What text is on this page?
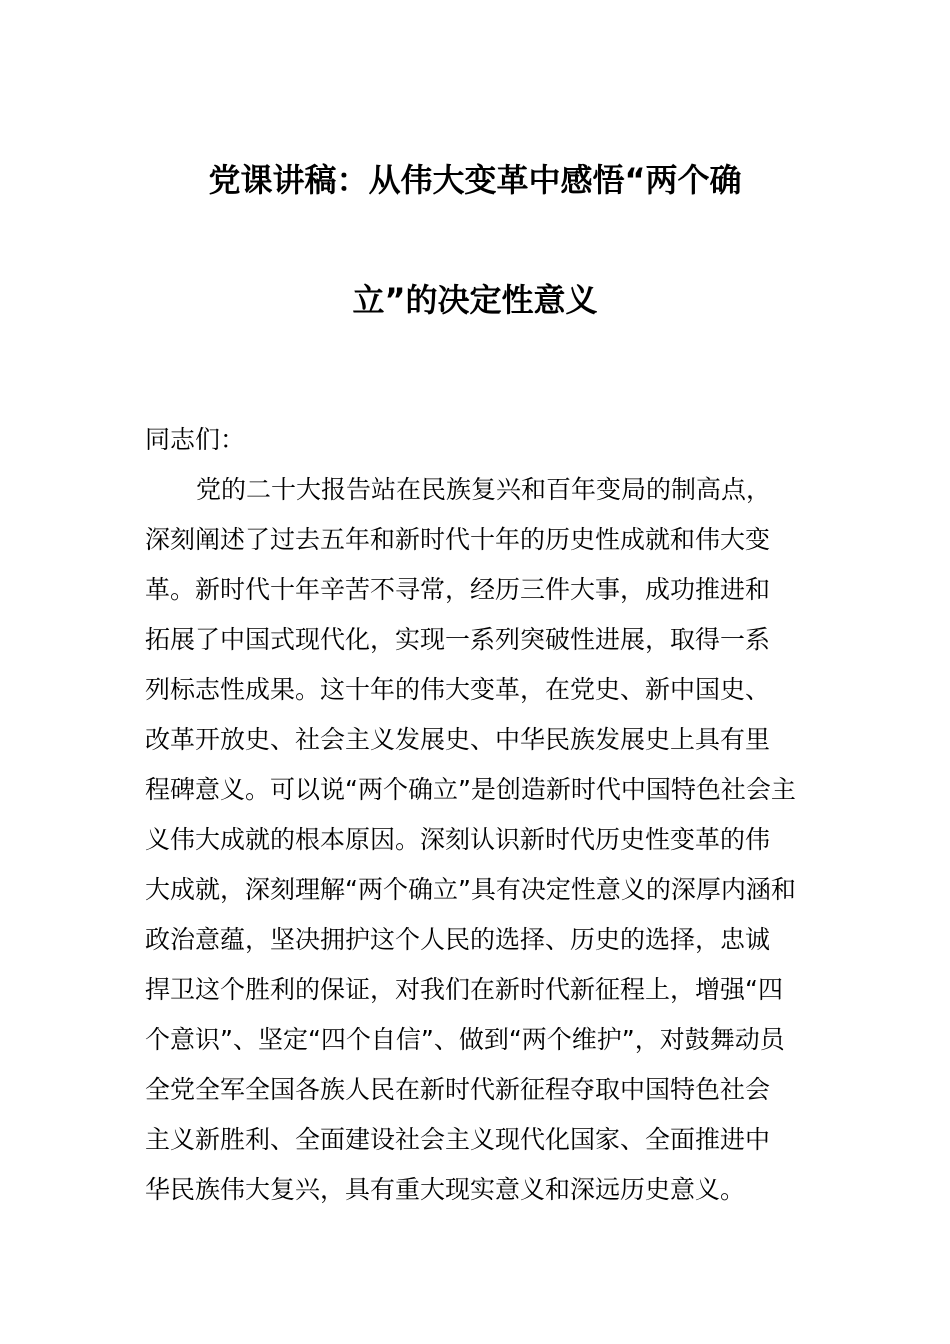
党课讲稿：从伟大变革中感悟“两个确
立”的决定性意义
同志们：
党的二十大报告站在民族复兴和百年变局的制高点，
深刻阐述了过去五年和新时代十年的历史性成就和伟大变
革。新时代十年辛苦不寻常，经历三件大事，成功推进和
拓展了中国式现代化，实现一系列突破性进展，取得一系
列标志性成果。这十年的伟大变革，在党史、新中国史、
改革开放史、社会主义发展史、中华民族发展史上具有里
程碑意义。可以说“两个确立”是创造新时代中国特色社会主
义伟大成就的根本原因。深刻认识新时代历史性变革的伟
大成就，深刻理解“两个确立”具有决定性意义的深厚内涵和
政治意蕴，坚决拥护这个人民的选择、历史的选择，忠诚
捍卫这个胜利的保证，对我们在新时代新征程上，增强“四
个意识”、坚定“四个自信”、做到“两个维护”，对鼓舞动员
全党全军全国各族人民在新时代新征程夺取中国特色社会
主义新胜利、全面建设社会主义现代化国家、全面推进中
华民族伟大复兴，具有重大现实意义和深远历史意义。
